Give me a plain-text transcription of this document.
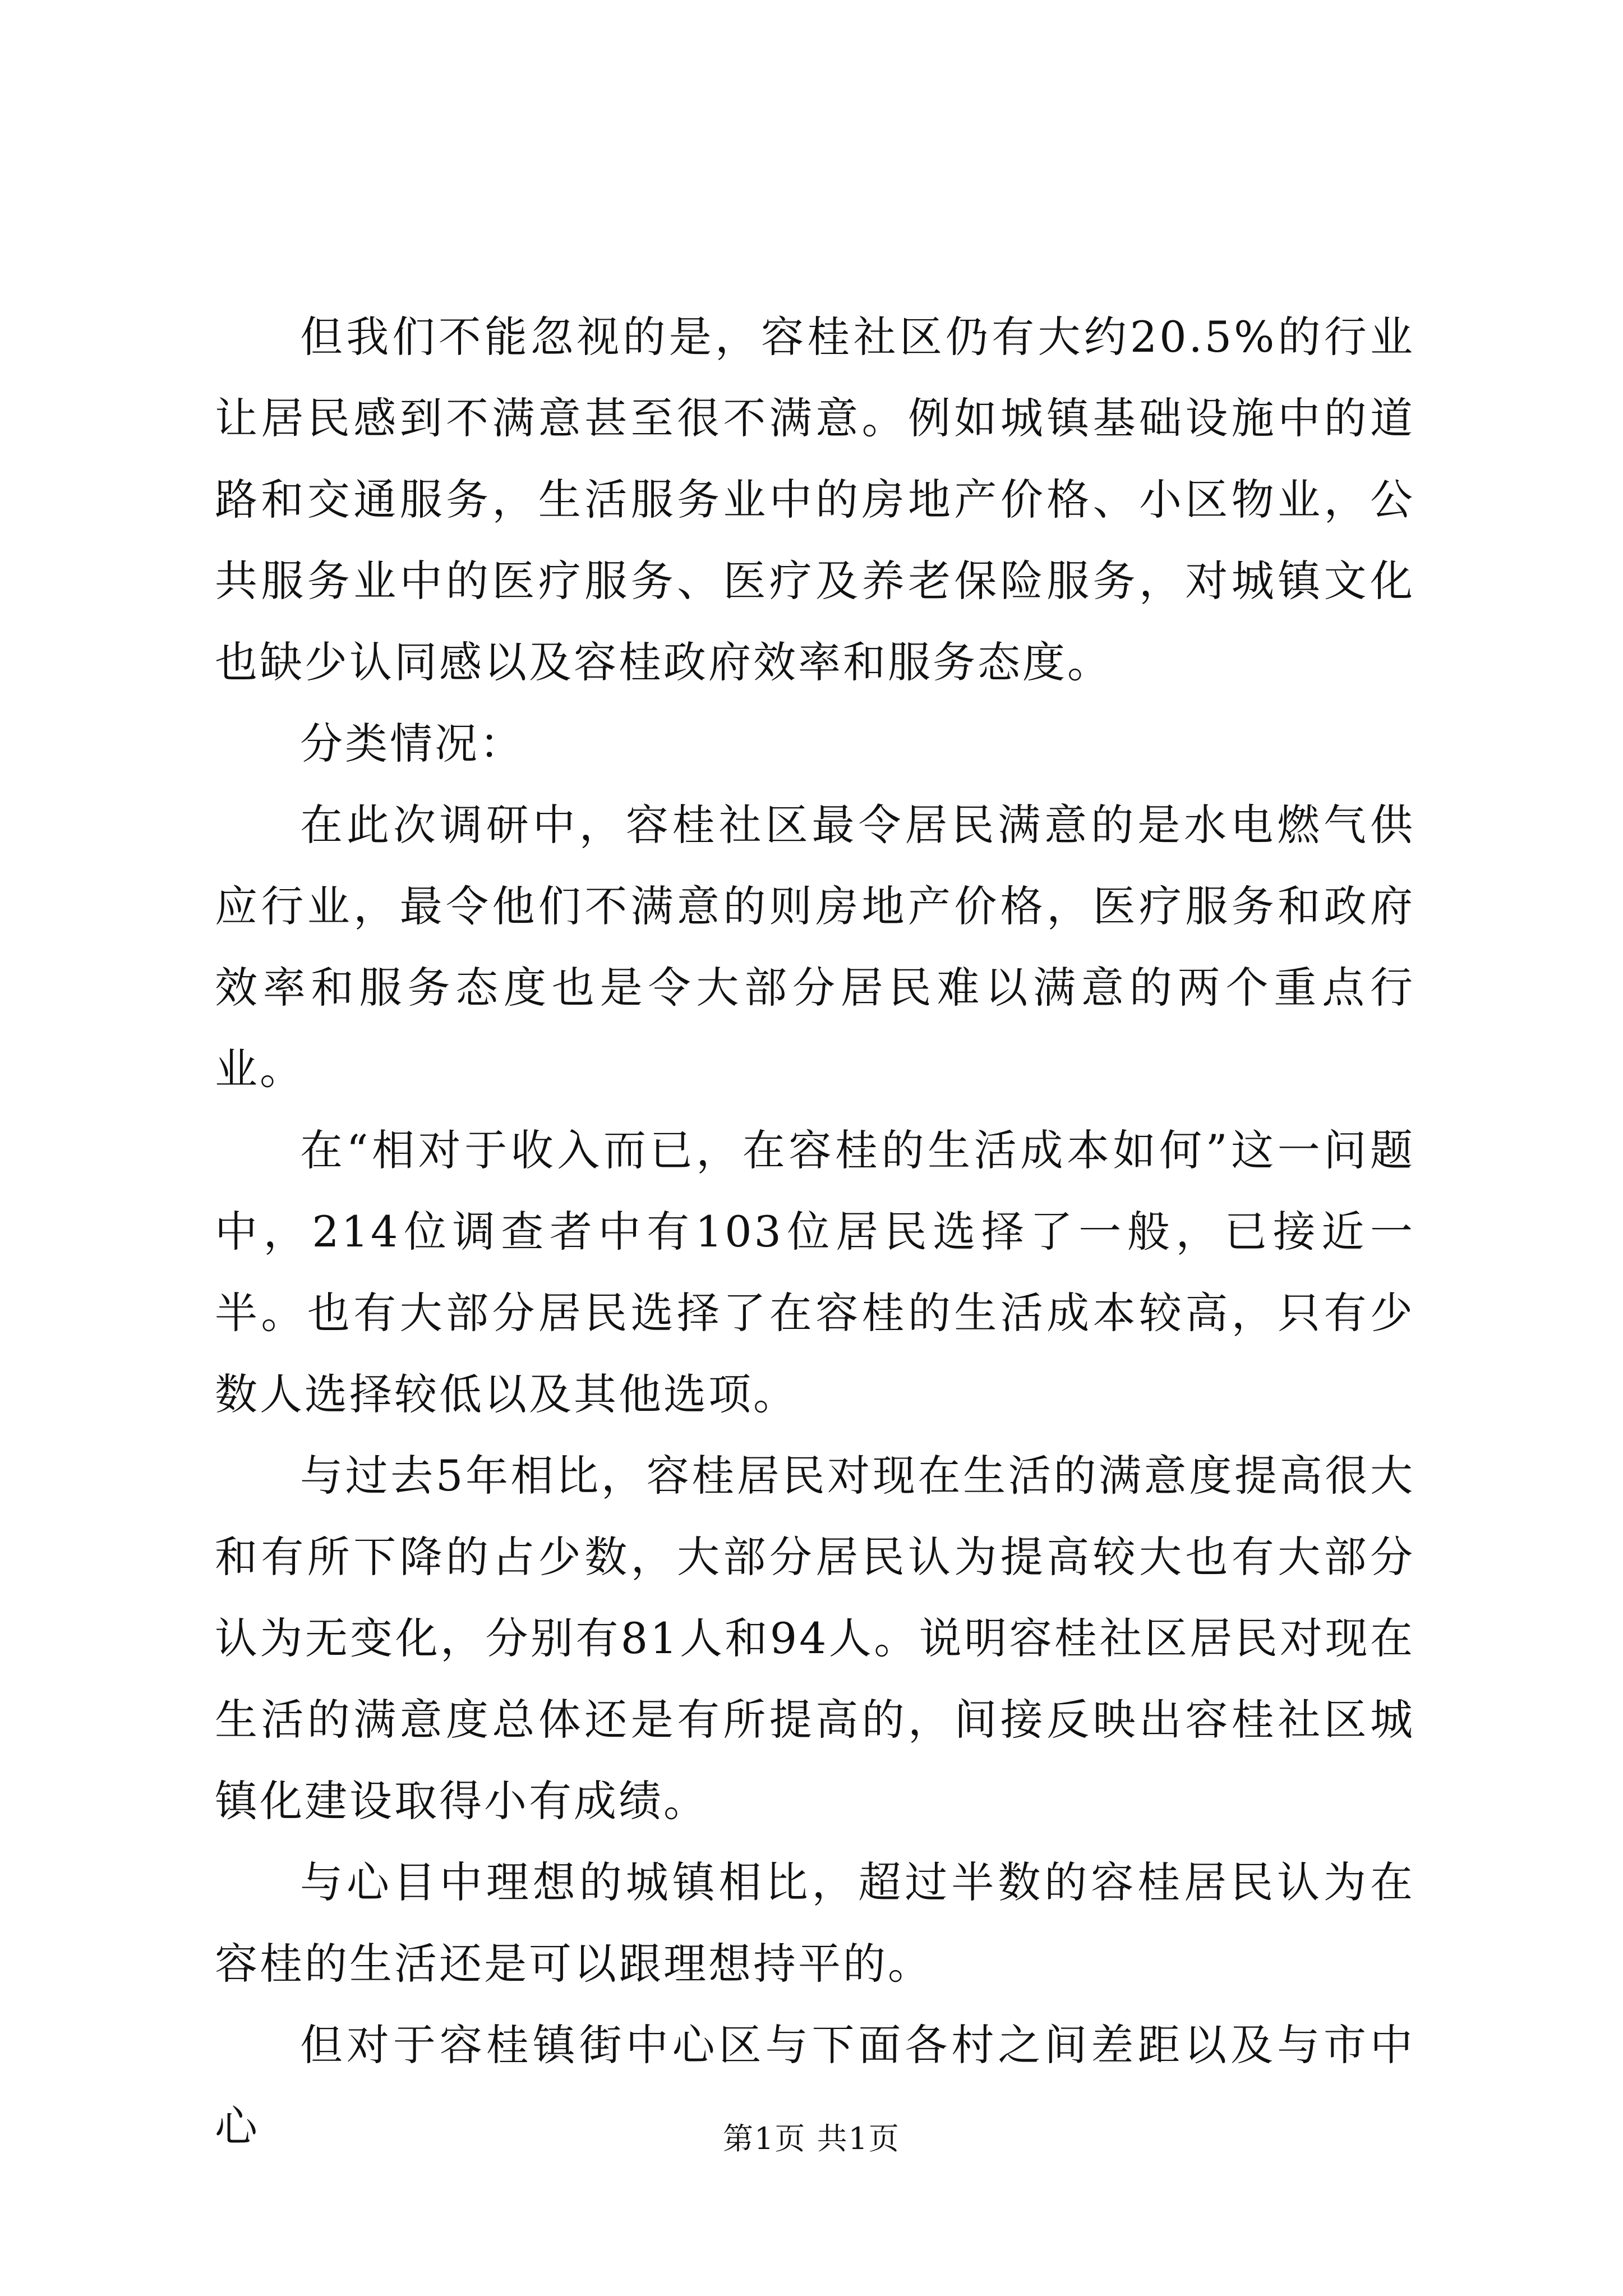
但我们不能忽视的是，容桂社区仍有大约20.5%的行业让居民感到不满意甚至很不满意。例如城镇基础设施中的道路和交通服务，生活服务业中的房地产价格、小区物业，公共服务业中的医疗服务、医疗及养老保险服务，对城镇文化也缺少认同感以及容桂政府效率和服务态度。

分类情况：

在此次调研中，容桂社区最令居民满意的是水电燃气供应行业，最令他们不满意的则房地产价格，医疗服务和政府效率和服务态度也是令大部分居民难以满意的两个重点行业。

在“相对于收入而已，在容桂的生活成本如何”这一问题中，214位调查者中有103位居民选择了一般，已接近一半。也有大部分居民选择了在容桂的生活成本较高，只有少数人选择较低以及其他选项。

与过去5年相比，容桂居民对现在生活的满意度提高很大和有所下降的占少数，大部分居民认为提高较大也有大部分认为无变化，分别有81人和94人。说明容桂社区居民对现在生活的满意度总体还是有所提高的，间接反映出容桂社区城镇化建设取得小有成绩。

与心目中理想的城镇相比，超过半数的容桂居民认为在容桂的生活还是可以跟理想持平的。

但对于容桂镇街中心区与下面各村之间差距以及与市中心	第1页 共1页
